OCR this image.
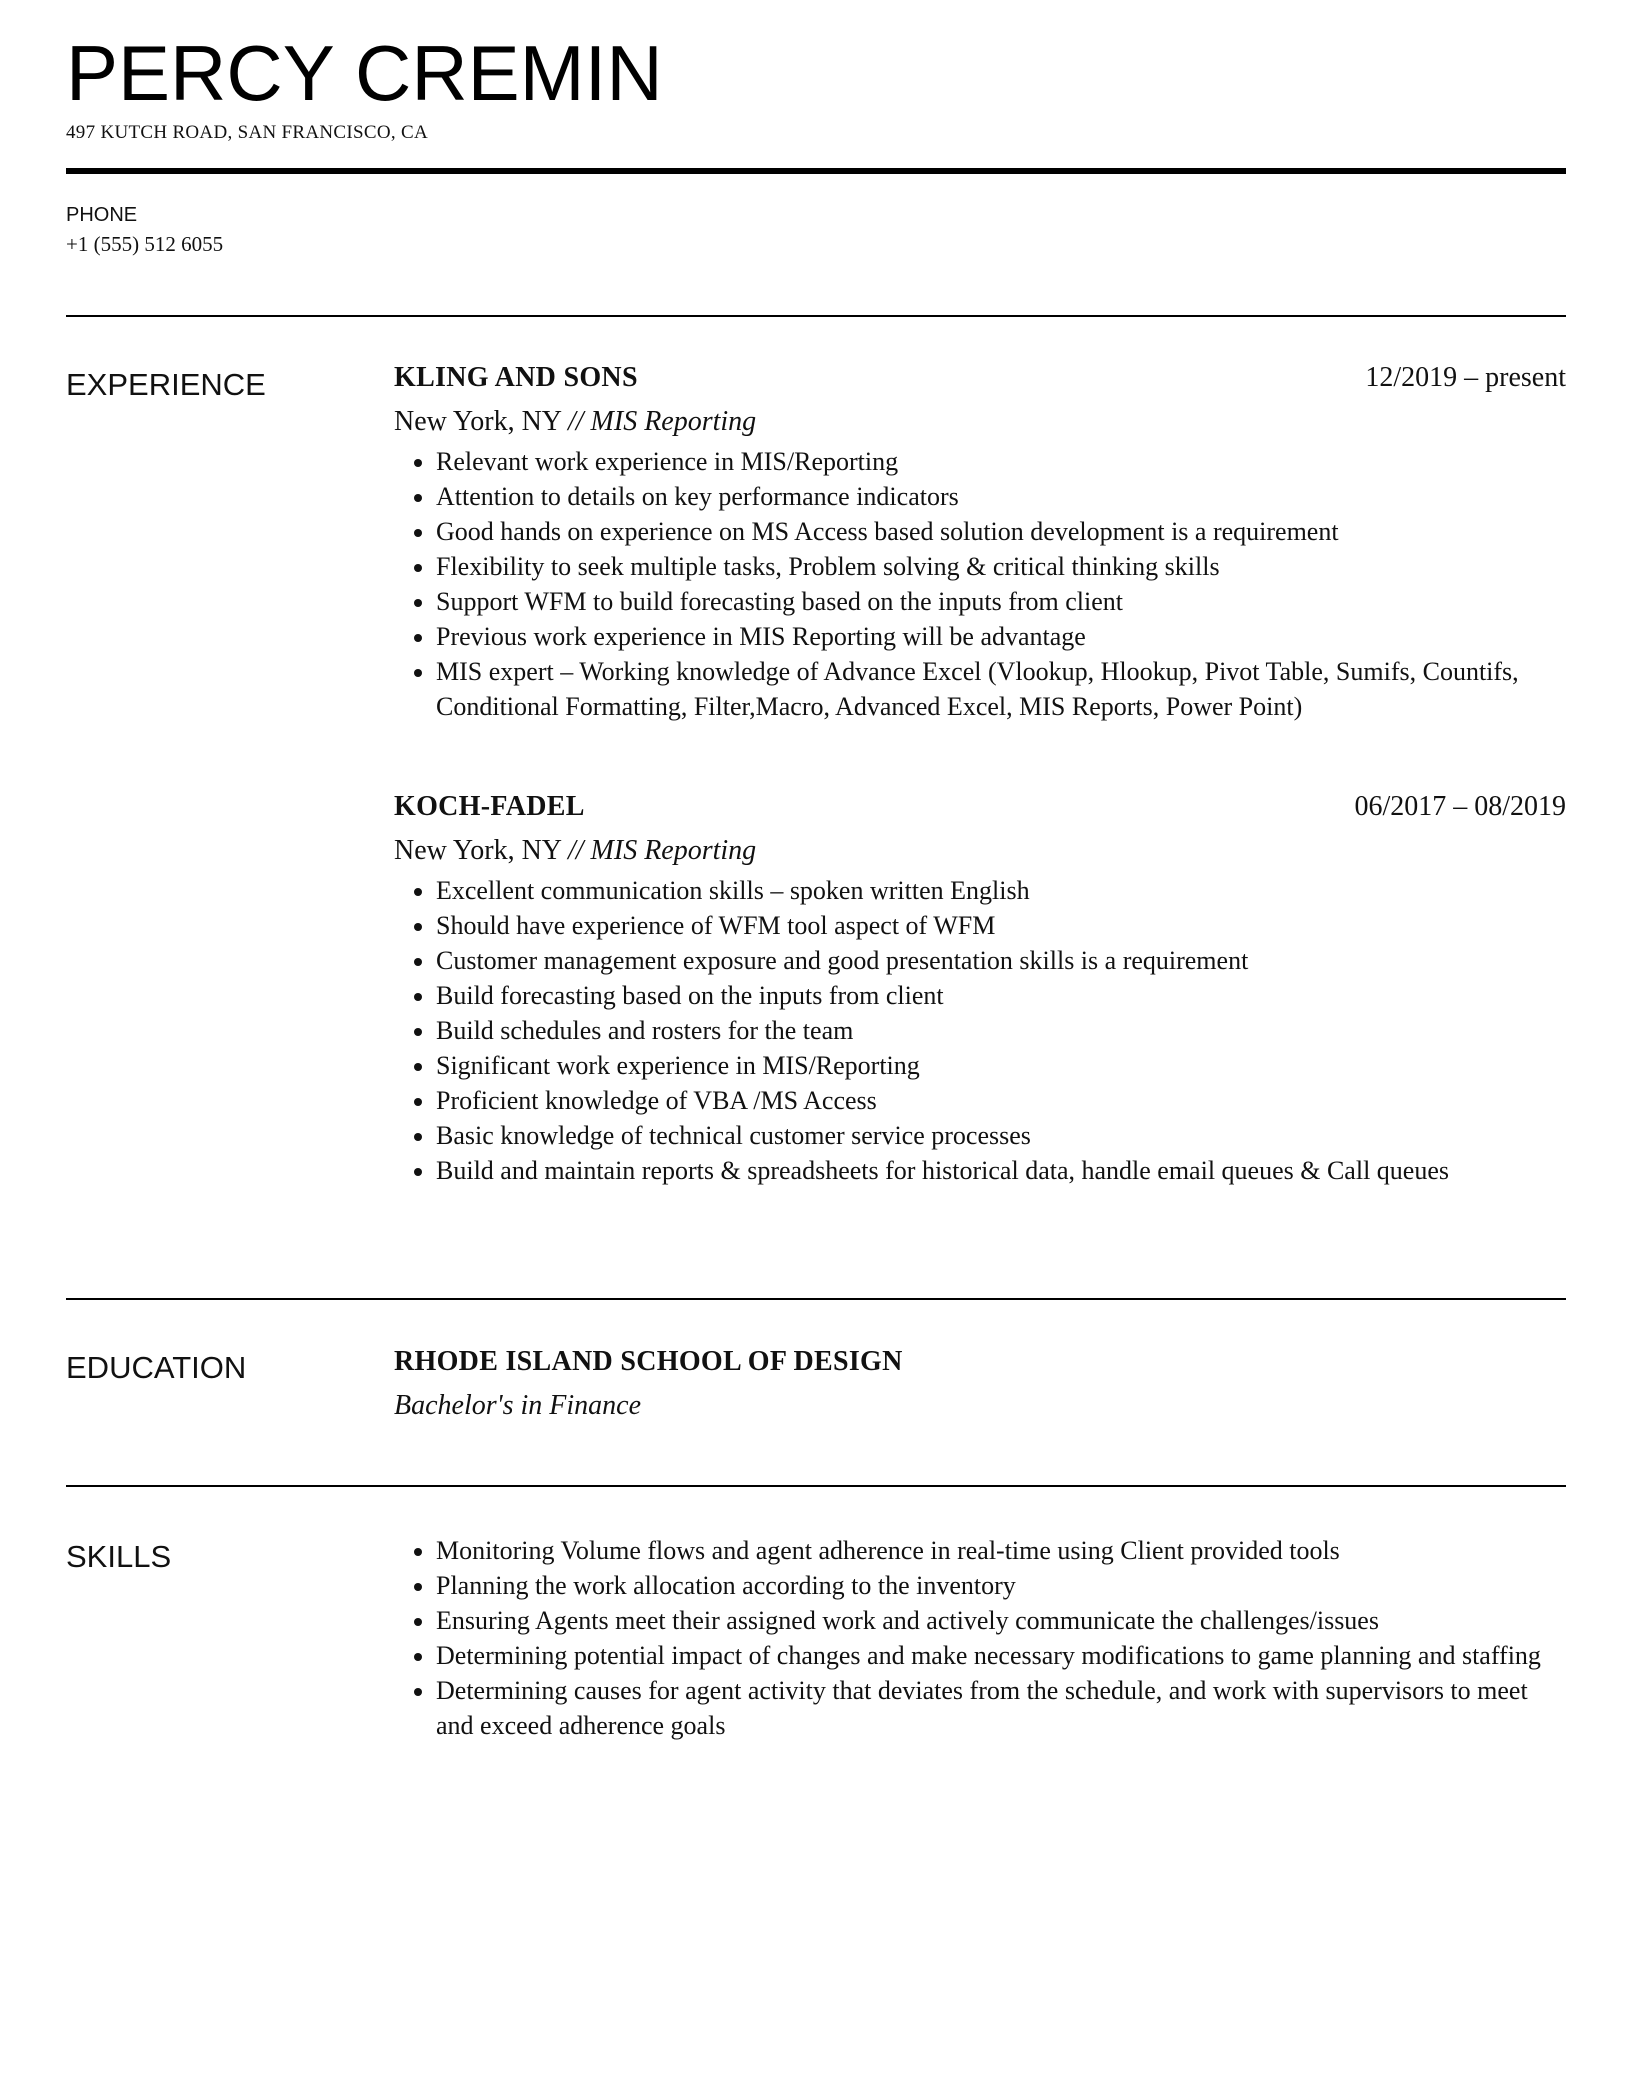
PERCY CREMIN
497 KUTCH ROAD, SAN FRANCISCO, CA
PHONE
+1 (555) 512 6055
EXPERIENCE	KLING AND SONS	12/2019 – present
New York, NY // MIS Reporting
• Relevant work experience in MIS/Reporting
• Attention to details on key performance indicators
• Good hands on experience on MS Access based solution development is a requirement
• Flexibility to seek multiple tasks, Problem solving & critical thinking skills
• Support WFM to build forecasting based on the inputs from client
• Previous work experience in MIS Reporting will be advantage
• MIS expert – Working knowledge of Advance Excel (Vlookup, Hlookup, Pivot Table, Sumifs, Countifs, Conditional Formatting, Filter,Macro, Advanced Excel, MIS Reports, Power Point)
KOCH-FADEL	06/2017 – 08/2019
New York, NY // MIS Reporting
• Excellent communication skills – spoken written English
• Should have experience of WFM tool aspect of WFM
• Customer management exposure and good presentation skills is a requirement
• Build forecasting based on the inputs from client
• Build schedules and rosters for the team
• Significant work experience in MIS/Reporting
• Proficient knowledge of VBA /MS Access
• Basic knowledge of technical customer service processes
• Build and maintain reports & spreadsheets for historical data, handle email queues & Call queues
EDUCATION	RHODE ISLAND SCHOOL OF DESIGN
Bachelor's in Finance
SKILLS
•	Monitoring Volume flows and agent adherence in real-time using Client provided tools
• Planning the work allocation according to the inventory
• Ensuring Agents meet their assigned work and actively communicate the challenges/issues
• Determining potential impact of changes and make necessary modifications to game planning and staffing
• Determining causes for agent activity that deviates from the schedule, and work with supervisors to meet and exceed adherence goals
